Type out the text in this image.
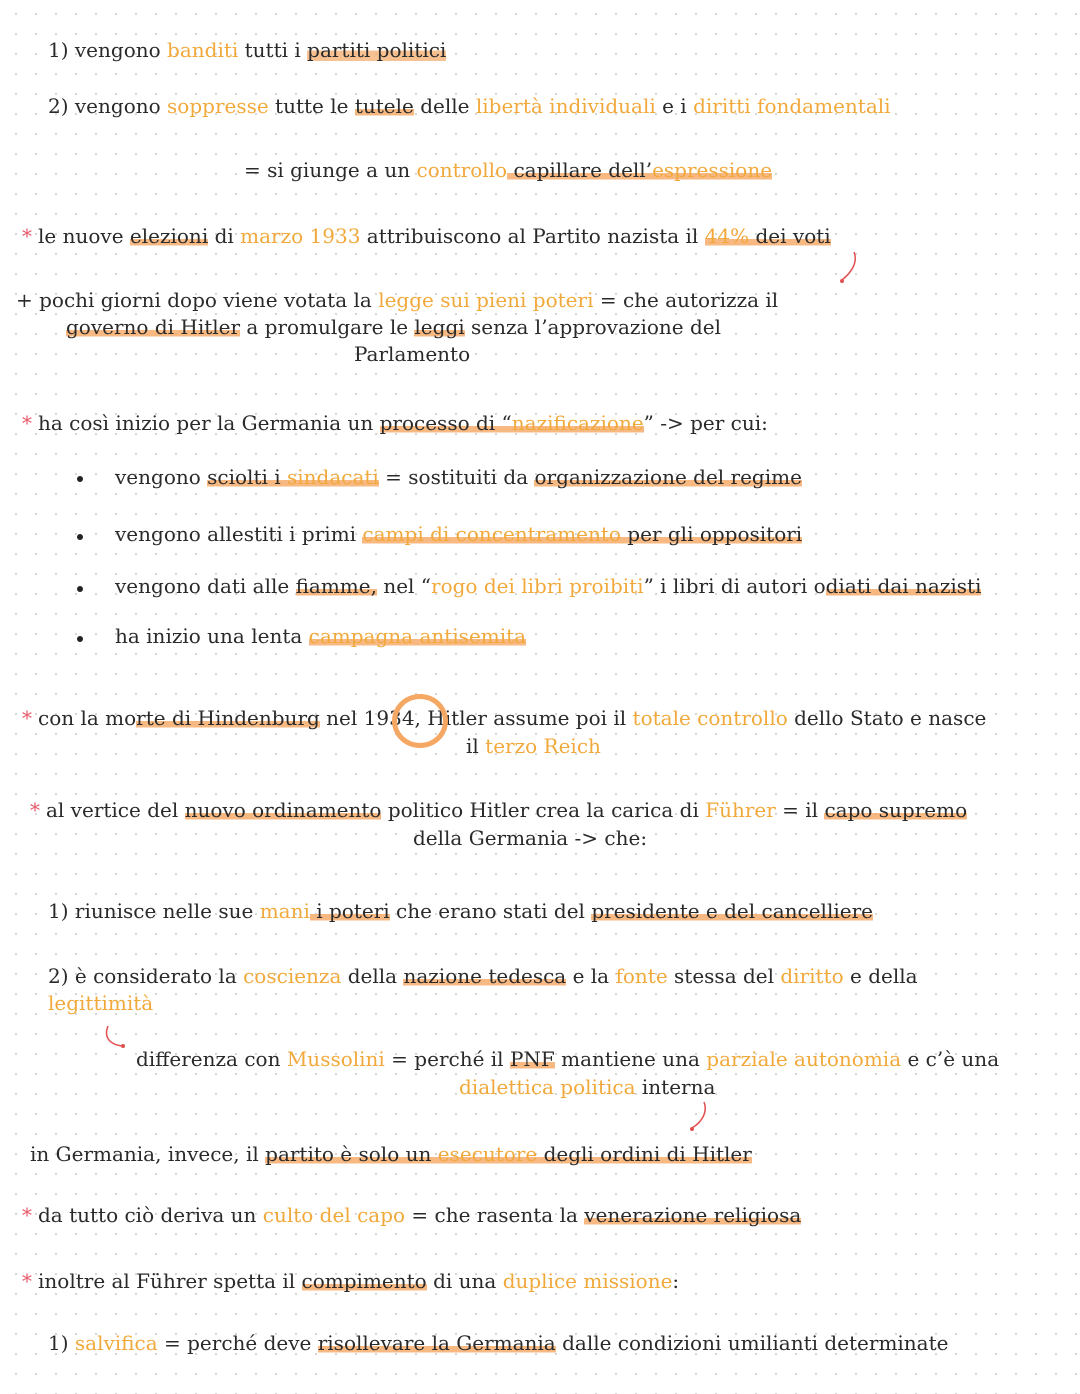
1) vengono banditi tutti i partiti politici
2) vengono soppresse tutte le tutele delle libertà individuali e i diritti fondamentali
= si giunge a un controllo capillare dell’espressione
* le nuove elezioni di marzo 1933 attribuiscono al Partito nazista il 44% dei voti
+ pochi giorni dopo viene votata la legge sui pieni poteri = che autorizza il
governo di Hitler a promulgare le leggi senza l’approvazione del
Parlamento
* ha così inizio per la Germania un processo di “nazificazione” -> per cui:
vengono sciolti i sindacati = sostituiti da organizzazione del regime
vengono allestiti i primi campi di concentramento per gli oppositori
vengono dati alle fiamme, nel “rogo dei libri proibiti” i libri di autori odiati dai nazisti
ha inizio una lenta campagna antisemita
* con la morte di Hindenburg nel 1934, Hitler assume poi il totale controllo dello Stato e nasce
il terzo Reich
* al vertice del nuovo ordinamento politico Hitler crea la carica di Führer = il capo supremo
della Germania -> che:
1) riunisce nelle sue mani i poteri che erano stati del presidente e del cancelliere
2) è considerato la coscienza della nazione tedesca e la fonte stessa del diritto e della
legittimità
differenza con Mussolini = perché il PNF mantiene una parziale autonomia e c’è una
dialettica politica interna
in Germania, invece, il partito è solo un esecutore degli ordini di Hitler
* da tutto ciò deriva un culto del capo = che rasenta la venerazione religiosa
* inoltre al Führer spetta il compimento di una duplice missione:
1) salvifica = perché deve risollevare la Germania dalle condizioni umilianti determinate
